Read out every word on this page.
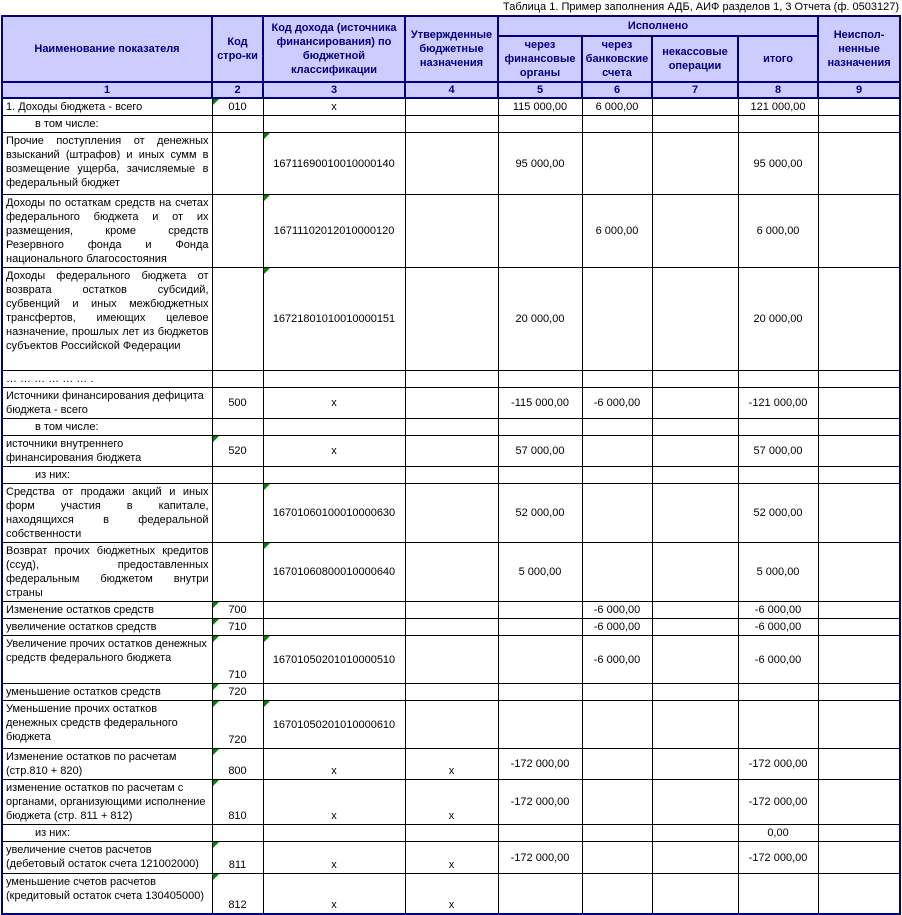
Таблица 1. Пример заполнения АДБ, АИФ разделов 1, 3 Отчета (ф. 0503127)
Наименование показателя	Код стро-ки	Код дохода (источника финансирования) по бюджетной классификации	Утвержденные бюджетные назначения	Исполнено				Неиспол-ненные назначения
				через финансовые органы	через банковские счета	некассовые операции	итого	
1	2	3	4	5	6	7	8	9
1. Доходы бюджета - всего	010	x		115 000,00	6 000,00		121 000,00	
в том числе:								
Прочие поступления от денежных взысканий (штрафов) и иных сумм в возмещение ущерба, зачисляемые в федеральный бюджет		16711690010010000140		95 000,00			95 000,00	
Доходы по остаткам средств на счетах федерального бюджета и от их размещения, кроме средств Резервного фонда и Фонда национального благосостояния		16711102012010000120			6 000,00		6 000,00	
Доходы федерального бюджета от возврата остатков субсидий, субвенций и иных межбюджетных трансфертов, имеющих целевое назначение, прошлых лет из бюджетов субъектов Российской Федерации		16721801010010000151		20 000,00			20 000,00	
… … … … … … .								
Источники финансирования дефицита бюджета - всего	500	x		-115 000,00	-6 000,00		-121 000,00	
в том числе:								
источники внутреннего финансирования бюджета	520	x		57 000,00			57 000,00	
из них:								
Средства от продажи акций и иных форм участия в капитале, находящихся в федеральной собственности		16701060100010000630		52 000,00			52 000,00	
Возврат прочих бюджетных кредитов (ссуд), предоставленных федеральным бюджетом внутри страны		16701060800010000640		5 000,00			5 000,00	
Изменение остатков средств	700				-6 000,00		-6 000,00	
увеличение остатков средств	710				-6 000,00		-6 000,00	
Увеличение прочих остатков денежных средств федерального бюджета	710	16701050201010000510			-6 000,00		-6 000,00	
уменьшение остатков средств	720							
Уменьшение прочих остатков денежных средств федерального бюджета	720	16701050201010000610						
Изменение остатков по расчетам (стр.810 + 820)	800	x	x	-172 000,00			-172 000,00	
изменение остатков по расчетам с органами, организующими исполнение бюджета (стр. 811 + 812)	810	x	x	-172 000,00			-172 000,00	
из них:							0,00	
увеличение счетов расчетов (дебетовый остаток счета 121002000)	811	x	x	-172 000,00			-172 000,00	
уменьшение счетов расчетов (кредитовый остаток счета 130405000)	812	x	x					
